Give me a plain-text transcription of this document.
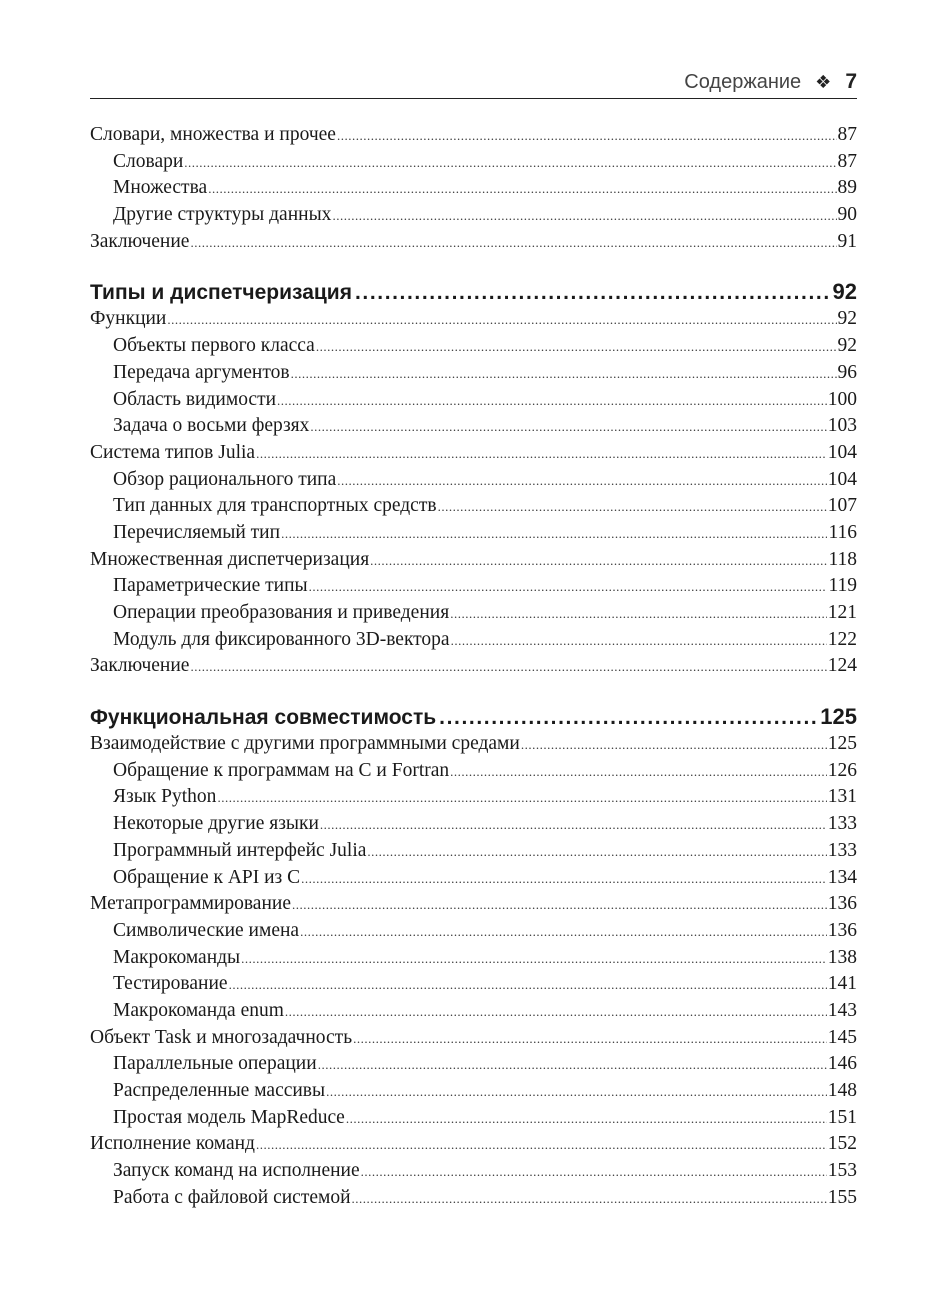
Содержание ❖ 7
Словари, множества и прочее .....	87
Словари .....	87
Множества .....	89
Другие структуры данных .....	90
Заключение .....	91
Типы и диспетчеризация .....	92
Функции .....	92
Объекты первого класса .....	92
Передача аргументов .....	96
Область видимости .....	100
Задача о восьми ферзях .....	103
Система типов Julia .....	104
Обзор рационального типа .....	104
Тип данных для транспортных средств .....	107
Перечисляемый тип .....	116
Множественная диспетчеризация .....	118
Параметрические типы .....	119
Операции преобразования и приведения .....	121
Модуль для фиксированного 3D-вектора .....	122
Заключение .....	124
Функциональная совместимость .....	125
Взаимодействие с другими программными средами .....	125
Обращение к программам на C и Fortran .....	126
Язык Python .....	131
Некоторые другие языки .....	133
Программный интерфейс Julia .....	133
Обращение к API из C .....	134
Метапрограммирование .....	136
Символические имена .....	136
Макрокоманды .....	138
Тестирование .....	141
Макрокоманда enum .....	143
Объект Task и многозадачность .....	145
Параллельные операции .....	146
Распределенные массивы .....	148
Простая модель MapReduce .....	151
Исполнение команд .....	152
Запуск команд на исполнение .....	153
Работа с файловой системой .....	155
